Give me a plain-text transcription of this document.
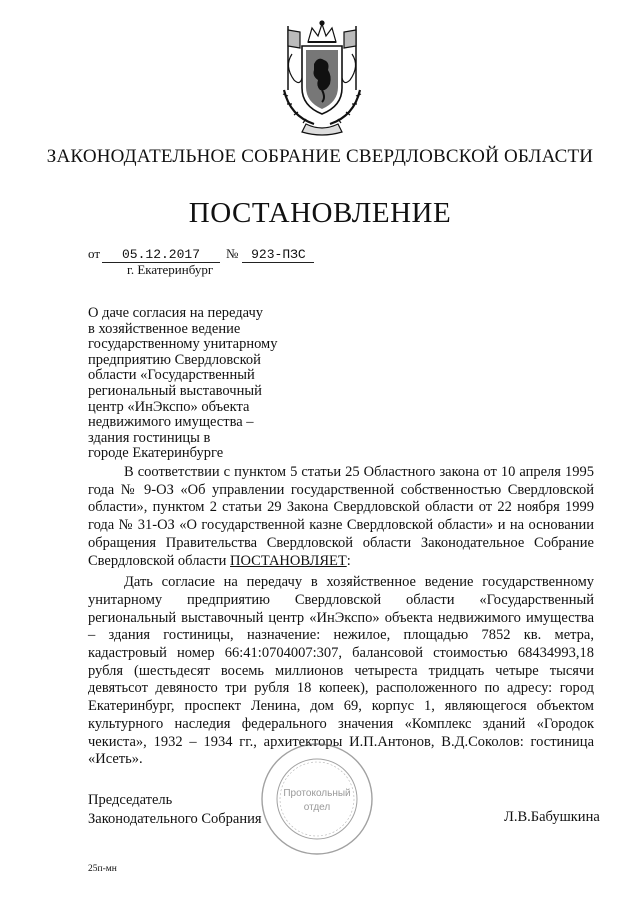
ЗАКОНОДАТЕЛЬНОЕ СОБРАНИЕ СВЕРДЛОВСКОЙ ОБЛАСТИ
ПОСТАНОВЛЕНИЕ
от	05.12.2017	№ 923-ПЗС
г. Екатеринбург
О даче согласия на передачу
в хозяйственное ведение
государственному унитарному
предприятию Свердловской
области «Государственный
региональный выставочный
центр «ИнЭкспо» объекта
недвижимого имущества –
здания гостиницы в
городе Екатеринбурге

В соответствии с пунктом 5 статьи 25 Областного закона от 10 апреля 1995 года № 9-ОЗ «Об управлении государственной собственностью Свердловской области», пунктом 2 статьи 29 Закона Свердловской области от 22 ноября 1999 года № 31-ОЗ «О государственной казне Свердловской области» и на основании обращения Правительства Свердловской области Законодательное Собрание Свердловской области ПОСТАНОВЛЯЕТ:

Дать согласие на передачу в хозяйственное ведение государственному унитарному предприятию Свердловской области «Государственный региональный выставочный центр «ИнЭкспо» объекта недвижимого имущества – здания гостиницы, назначение: нежилое, площадью 7852 кв. метра, кадастровый номер 66:41:0704007:307, балансовой стоимостью 68434993,18 рубля (шестьдесят восемь миллионов четыреста тридцать четыре тысячи девятьсот девяносто три рубля 18 копеек), расположенного по адресу: город Екатеринбург, проспект Ленина, дом 69, корпус 1, являющегося объектом культурного наследия федерального значения «Комплекс зданий «Городок чекиста», 1932 – 1934 гг., архитекторы И.П.Антонов, В.Д.Соколов: гостиница «Исеть».

Председатель
Законодательного Собрания	Л.В.Бабушкина
Протокольный
отдел
25п-мн
